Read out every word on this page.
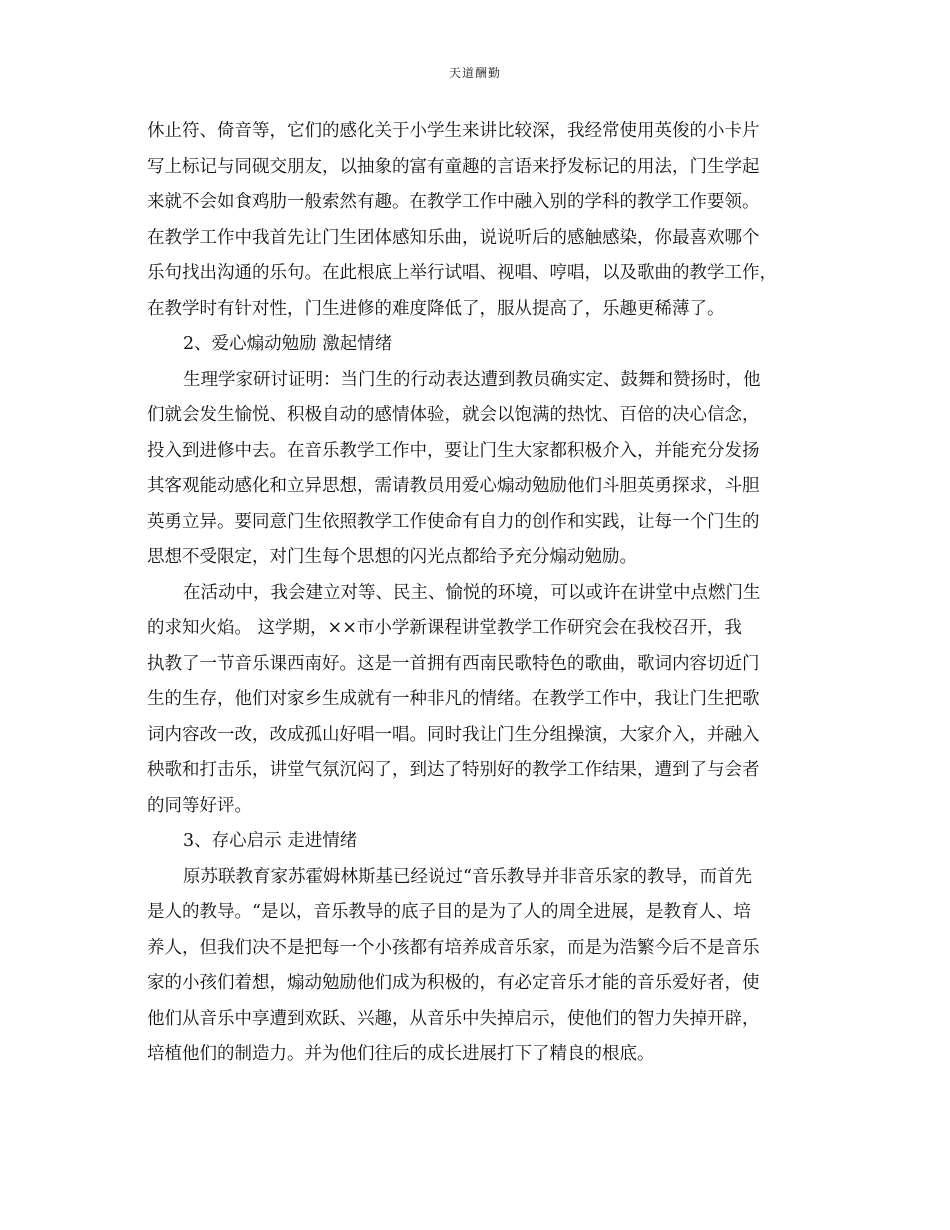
天道酬勤

休止符、倚音等，它们的感化关于小学生来讲比较深，我经常使用英俊的小卡片

写上标记与同砚交朋友，以抽象的富有童趣的言语来抒发标记的用法，门生学起

来就不会如食鸡肋一般索然有趣。在教学工作中融入别的学科的教学工作要领。

在教学工作中我首先让门生团体感知乐曲，说说听后的感触感染，你最喜欢哪个

乐句找出沟通的乐句。在此根底上举行试唱、视唱、哼唱，以及歌曲的教学工作，

在教学时有针对性，门生进修的难度降低了，服从提高了，乐趣更稀薄了。

2、爱心煽动勉励 激起情绪

生理学家研讨证明：当门生的行动表达遭到教员确实定、鼓舞和赞扬时，他

们就会发生愉悦、积极自动的感情体验，就会以饱满的热忱、百倍的决心信念，

投入到进修中去。在音乐教学工作中，要让门生大家都积极介入，并能充分发扬

其客观能动感化和立异思想，需请教员用爱心煽动勉励他们斗胆英勇探求，斗胆

英勇立异。要同意门生依照教学工作使命有自力的创作和实践，让每一个门生的

思想不受限定，对门生每个思想的闪光点都给予充分煽动勉励。

在活动中，我会建立对等、民主、愉悦的环境，可以或许在讲堂中点燃门生

的求知火焰。 这学期，××市小学新课程讲堂教学工作研究会在我校召开，我

执教了一节音乐课西南好。这是一首拥有西南民歌特色的歌曲，歌词内容切近门

生的生存，他们对家乡生成就有一种非凡的情绪。在教学工作中，我让门生把歌

词内容改一改，改成孤山好唱一唱。同时我让门生分组操演，大家介入，并融入

秧歌和打击乐，讲堂气氛沉闷了，到达了特别好的教学工作结果，遭到了与会者

的同等好评。

3、存心启示 走进情绪

原苏联教育家苏霍姆林斯基已经说过“音乐教导并非音乐家的教导，而首先

是人的教导。“是以，音乐教导的底子目的是为了人的周全进展，是教育人、培

养人，但我们决不是把每一个小孩都有培养成音乐家，而是为浩繁今后不是音乐

家的小孩们着想，煽动勉励他们成为积极的，有必定音乐才能的音乐爱好者，使

他们从音乐中享遭到欢跃、兴趣，从音乐中失掉启示，使他们的智力失掉开辟，

培植他们的制造力。并为他们往后的成长进展打下了精良的根底。
